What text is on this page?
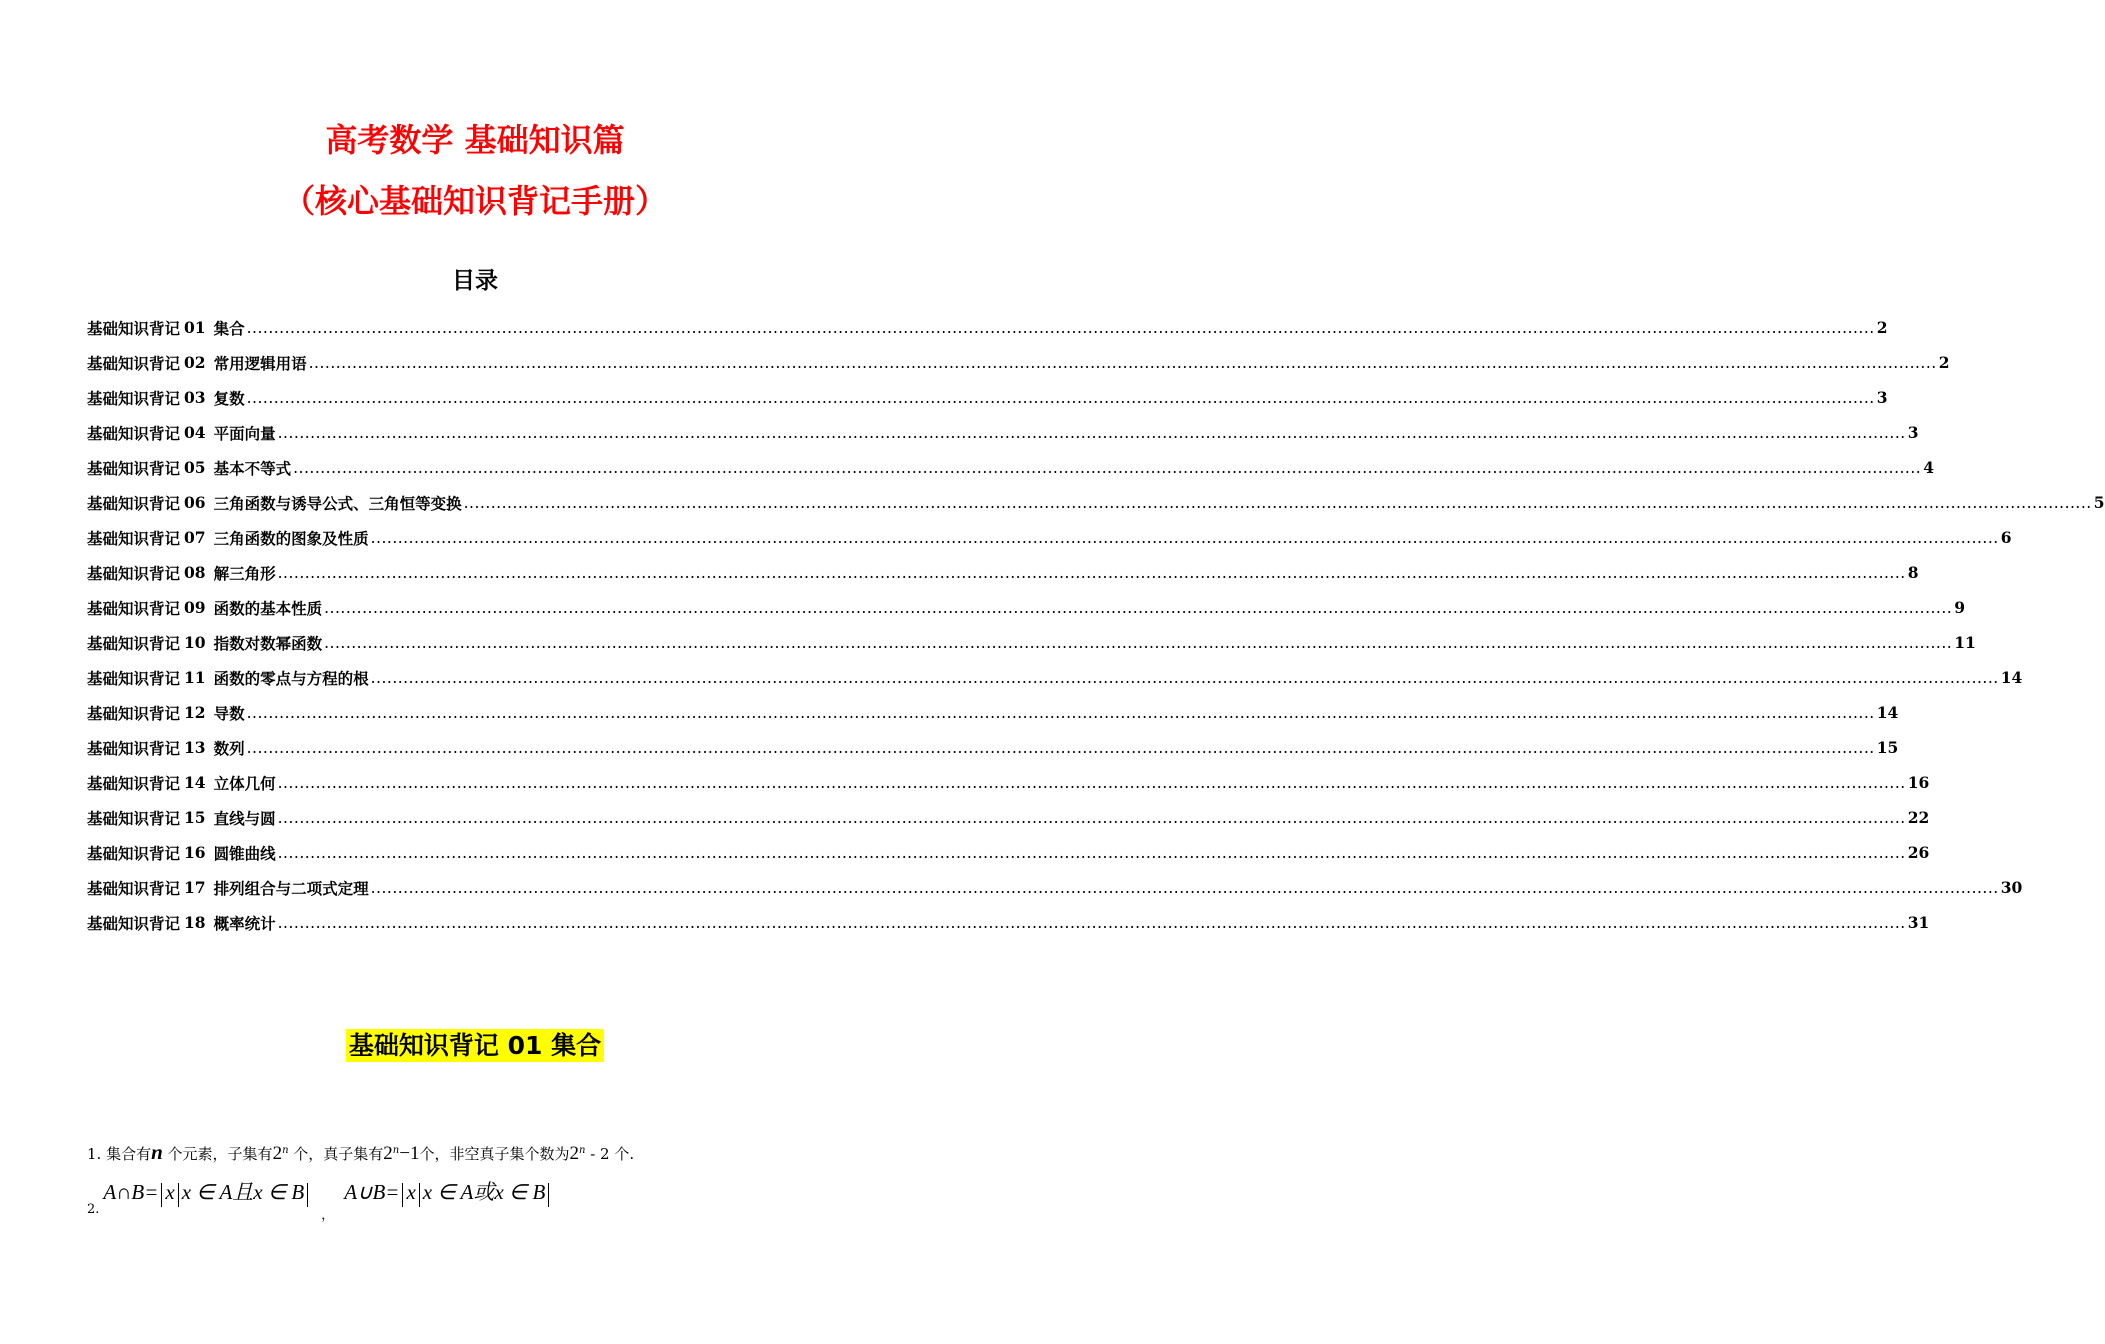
高考数学 基础知识篇
（核心基础知识背记手册）
目录
基础知识背记 01 集合 ............................................................................................................................................................................................................................................................................................................ 2
基础知识背记 02 常用逻辑用语 ............................................................................................................................................................................................................................................................................................................ 2
基础知识背记 03 复数 ............................................................................................................................................................................................................................................................................................................ 3
基础知识背记 04 平面向量 ............................................................................................................................................................................................................................................................................................................ 3
基础知识背记 05 基本不等式 ............................................................................................................................................................................................................................................................................................................ 4
基础知识背记 06 三角函数与诱导公式、三角恒等变换 ............................................................................................................................................................................................................................................................................................................ 5
基础知识背记 07 三角函数的图象及性质 ............................................................................................................................................................................................................................................................................................................ 6
基础知识背记 08 解三角形 ............................................................................................................................................................................................................................................................................................................ 8
基础知识背记 09 函数的基本性质 ............................................................................................................................................................................................................................................................................................................ 9
基础知识背记 10 指数对数幂函数 ............................................................................................................................................................................................................................................................................................................ 11
基础知识背记 11 函数的零点与方程的根 ............................................................................................................................................................................................................................................................................................................ 14
基础知识背记 12 导数 ............................................................................................................................................................................................................................................................................................................ 14
基础知识背记 13 数列 ............................................................................................................................................................................................................................................................................................................ 15
基础知识背记 14 立体几何 ............................................................................................................................................................................................................................................................................................................ 16
基础知识背记 15 直线与圆 ............................................................................................................................................................................................................................................................................................................ 22
基础知识背记 16 圆锥曲线 ............................................................................................................................................................................................................................................................................................................ 26
基础知识背记 17 排列组合与二项式定理 ............................................................................................................................................................................................................................................................................................................ 30
基础知识背记 18 概率统计 ............................................................................................................................................................................................................................................................................................................ 31
基础知识背记 01 集合
1. 集合有n 个元素，子集有2$^n$ 个，真子集有$2^n-1$个，非空真子集个数为2$^n$ - 2 个.
2.A∩B= x x ∈ A且x ∈ B，A∪B= x x ∈ A或x ∈ B
